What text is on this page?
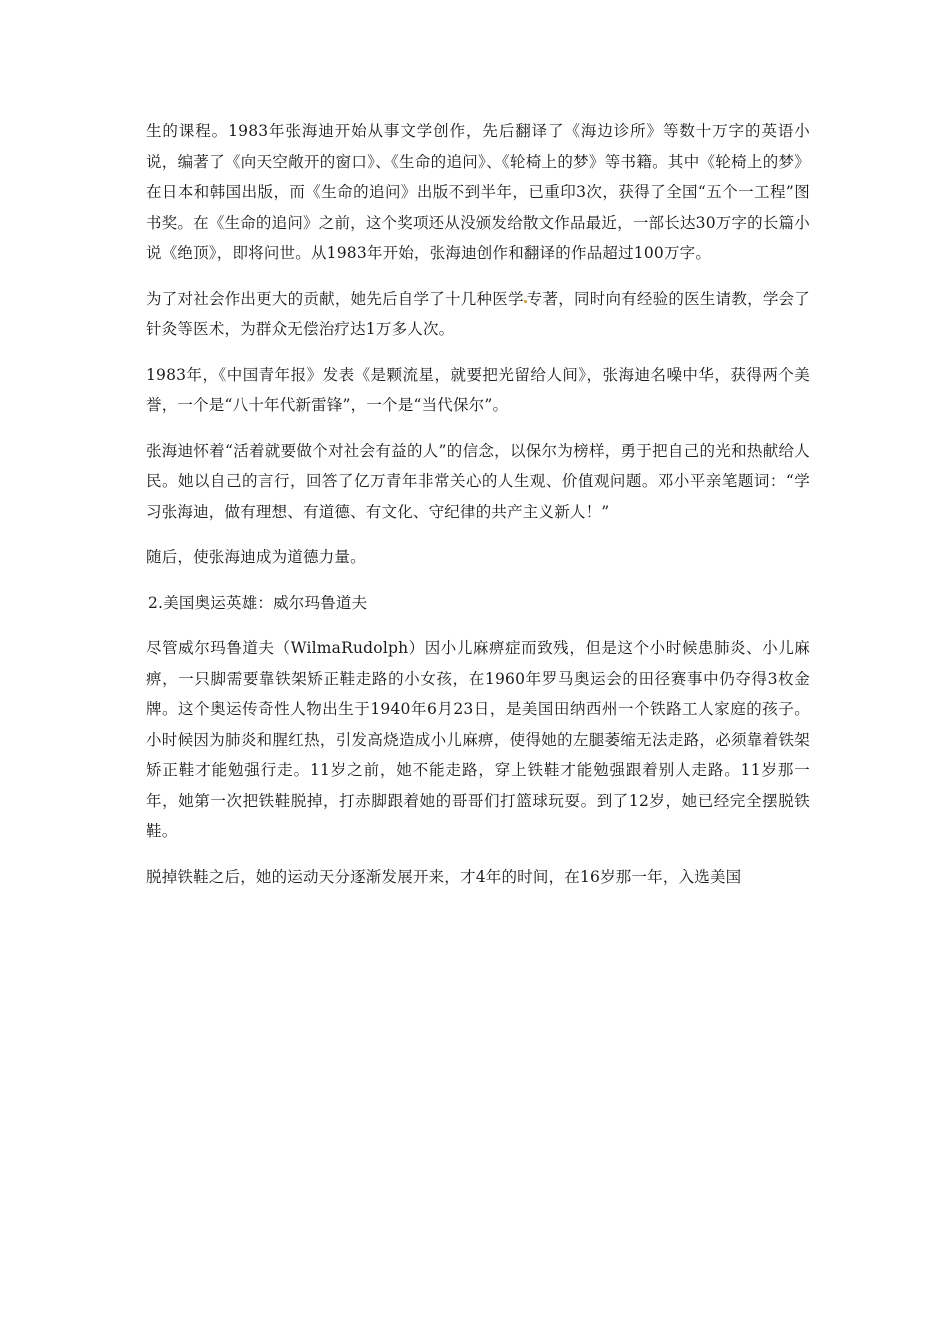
生的课程。1983年张海迪开始从事文学创作，先后翻译了《海边诊所》等数十万字的英语小说，编著了《向天空敞开的窗口》、《生命的追问》、《轮椅上的梦》等书籍。其中《轮椅上的梦》在日本和韩国出版，而《生命的追问》出版不到半年，已重印3次，获得了全国“五个一工程”图书奖。在《生命的追问》之前，这个奖项还从没颁发给散文作品最近，一部长达30万字的长篇小说《绝顶》，即将问世。从1983年开始，张海迪创作和翻译的作品超过100万字。

为了对社会作出更大的贡献，她先后自学了十几种医学 专著，同时向有经验的医生请教，学会了针灸等医术，为群众无偿治疗达1万多人次。

1983年，《中国青年报》发表《是颗流星，就要把光留给人间》，张海迪名噪中华，获得两个美誉，一个是“八十年代新雷锋”，一个是“当代保尔”。

张海迪怀着“活着就要做个对社会有益的人”的信念，以保尔为榜样，勇于把自己的光和热献给人民。她以自己的言行，回答了亿万青年非常关心的人生观、价值观问题。邓小平亲笔题词：“学习张海迪，做有理想、有道德、有文化、守纪律的共产主义新人！”

随后，使张海迪成为道德力量。

2.美国奥运英雄：威尔玛鲁道夫

尽管威尔玛鲁道夫（WilmaRudolph）因小儿麻痹症而致残，但是这个小时候患肺炎、小儿麻痹，一只脚需要靠铁架矫正鞋走路的小女孩，在1960年罗马奥运会的田径赛事中仍夺得3枚金牌。这个奥运传奇性人物出生于1940年6月23日，是美国田纳西州一个铁路工人家庭的孩子。小时候因为肺炎和腥红热，引发高烧造成小儿麻痹，使得她的左腿萎缩无法走路，必须靠着铁架矫正鞋才能勉强行走。11岁之前，她不能走路，穿上铁鞋才能勉强跟着别人走路。11岁那一年，她第一次把铁鞋脱掉，打赤脚跟着她的哥哥们打篮球玩耍。到了12岁，她已经完全摆脱铁鞋。

脱掉铁鞋之后，她的运动天分逐渐发展开来，才4年的时间，在16岁那一年，入选美国
